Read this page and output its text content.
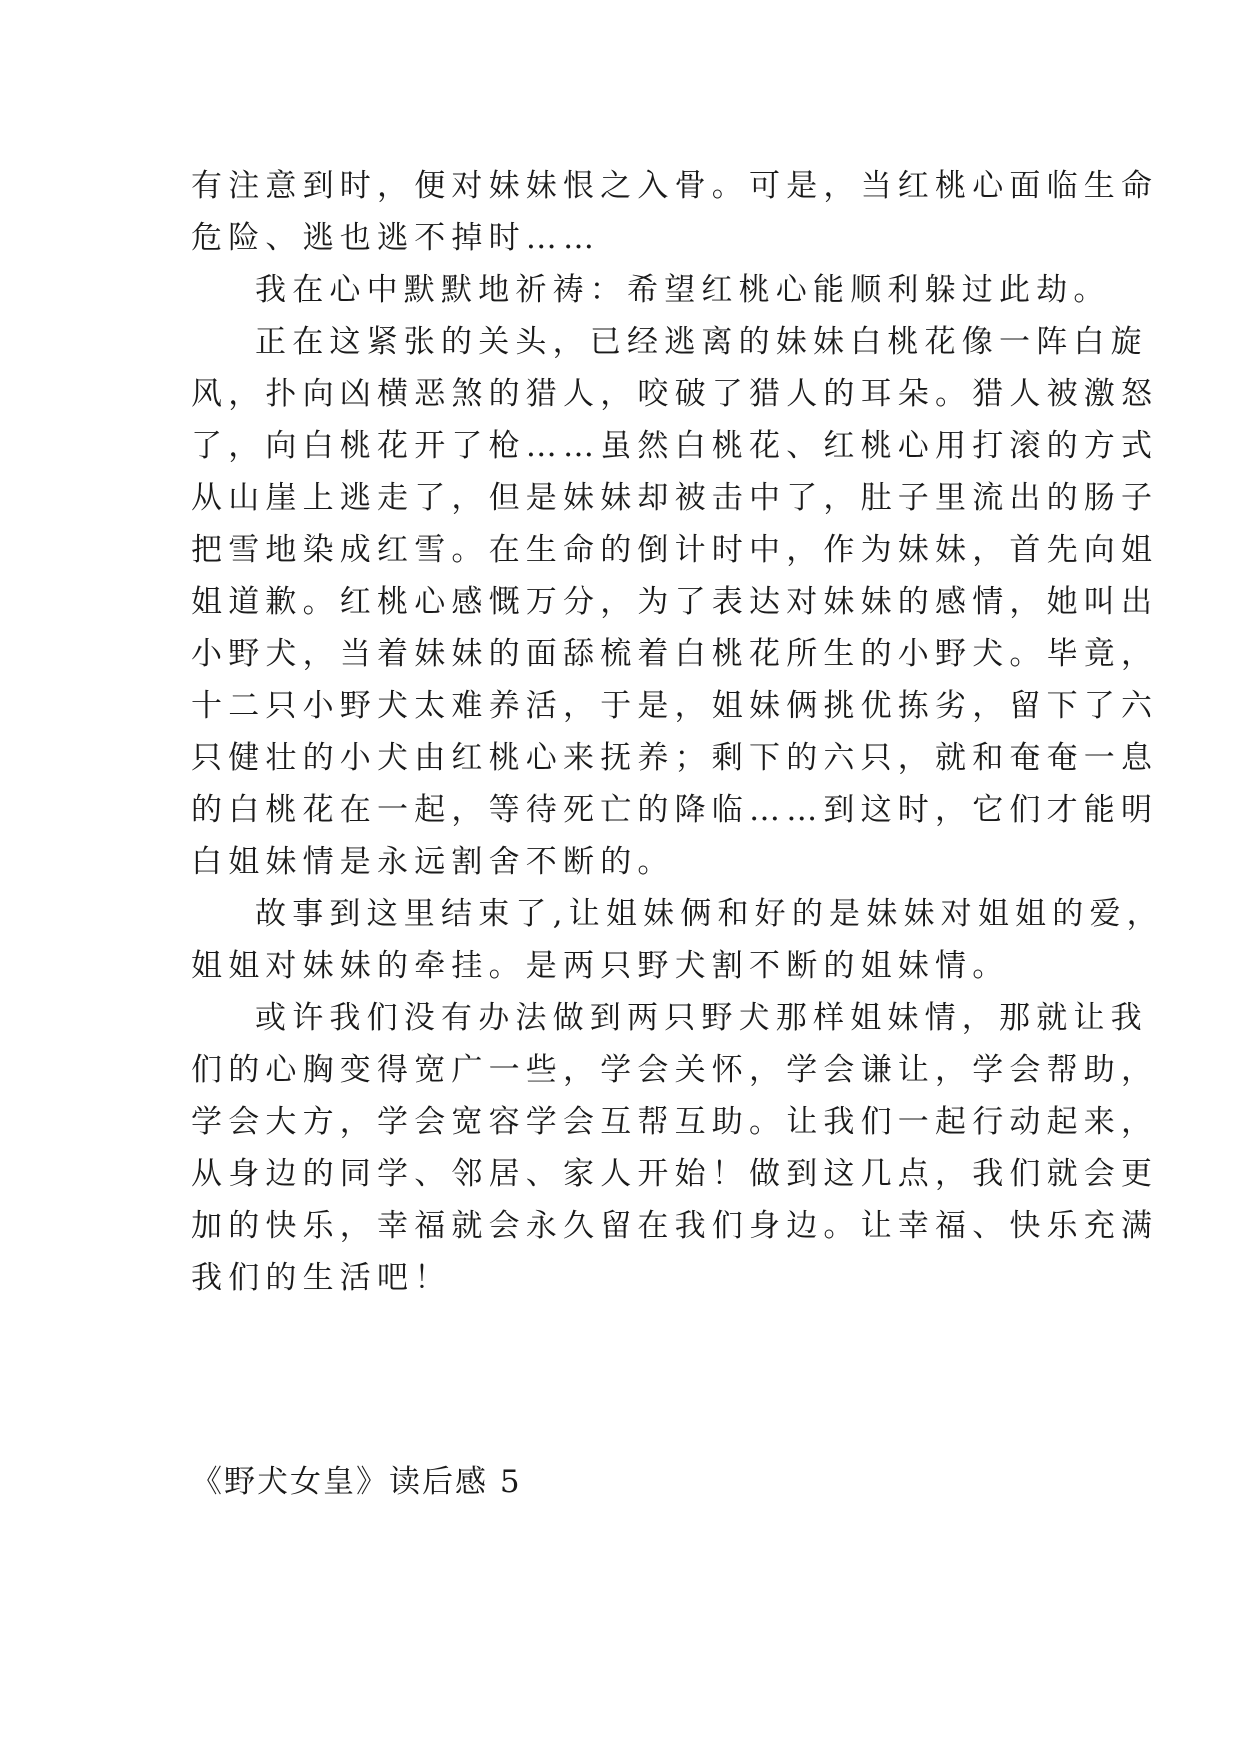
有注意到时，便对妹妹恨之入骨。可是，当红桃心面临生命
危险、逃也逃不掉时……
我在心中默默地祈祷：希望红桃心能顺利躲过此劫。
正在这紧张的关头，已经逃离的妹妹白桃花像一阵白旋
风，扑向凶横恶煞的猎人，咬破了猎人的耳朵。猎人被激怒
了，向白桃花开了枪……虽然白桃花、红桃心用打滚的方式
从山崖上逃走了，但是妹妹却被击中了，肚子里流出的肠子
把雪地染成红雪。在生命的倒计时中，作为妹妹，首先向姐
姐道歉。红桃心感慨万分，为了表达对妹妹的感情，她叫出
小野犬，当着妹妹的面舔梳着白桃花所生的小野犬。毕竟，
十二只小野犬太难养活，于是，姐妹俩挑优拣劣，留下了六
只健壮的小犬由红桃心来抚养；剩下的六只，就和奄奄一息
的白桃花在一起，等待死亡的降临……到这时，它们才能明
白姐妹情是永远割舍不断的。
故事到这里结束了,让姐妹俩和好的是妹妹对姐姐的爱，
姐姐对妹妹的牵挂。是两只野犬割不断的姐妹情。
或许我们没有办法做到两只野犬那样姐妹情，那就让我
们的心胸变得宽广一些，学会关怀，学会谦让，学会帮助，
学会大方，学会宽容学会互帮互助。让我们一起行动起来，
从身边的同学、邻居、家人开始！做到这几点，我们就会更
加的快乐，幸福就会永久留在我们身边。让幸福、快乐充满
我们的生活吧！
《野犬女皇》读后感 5
